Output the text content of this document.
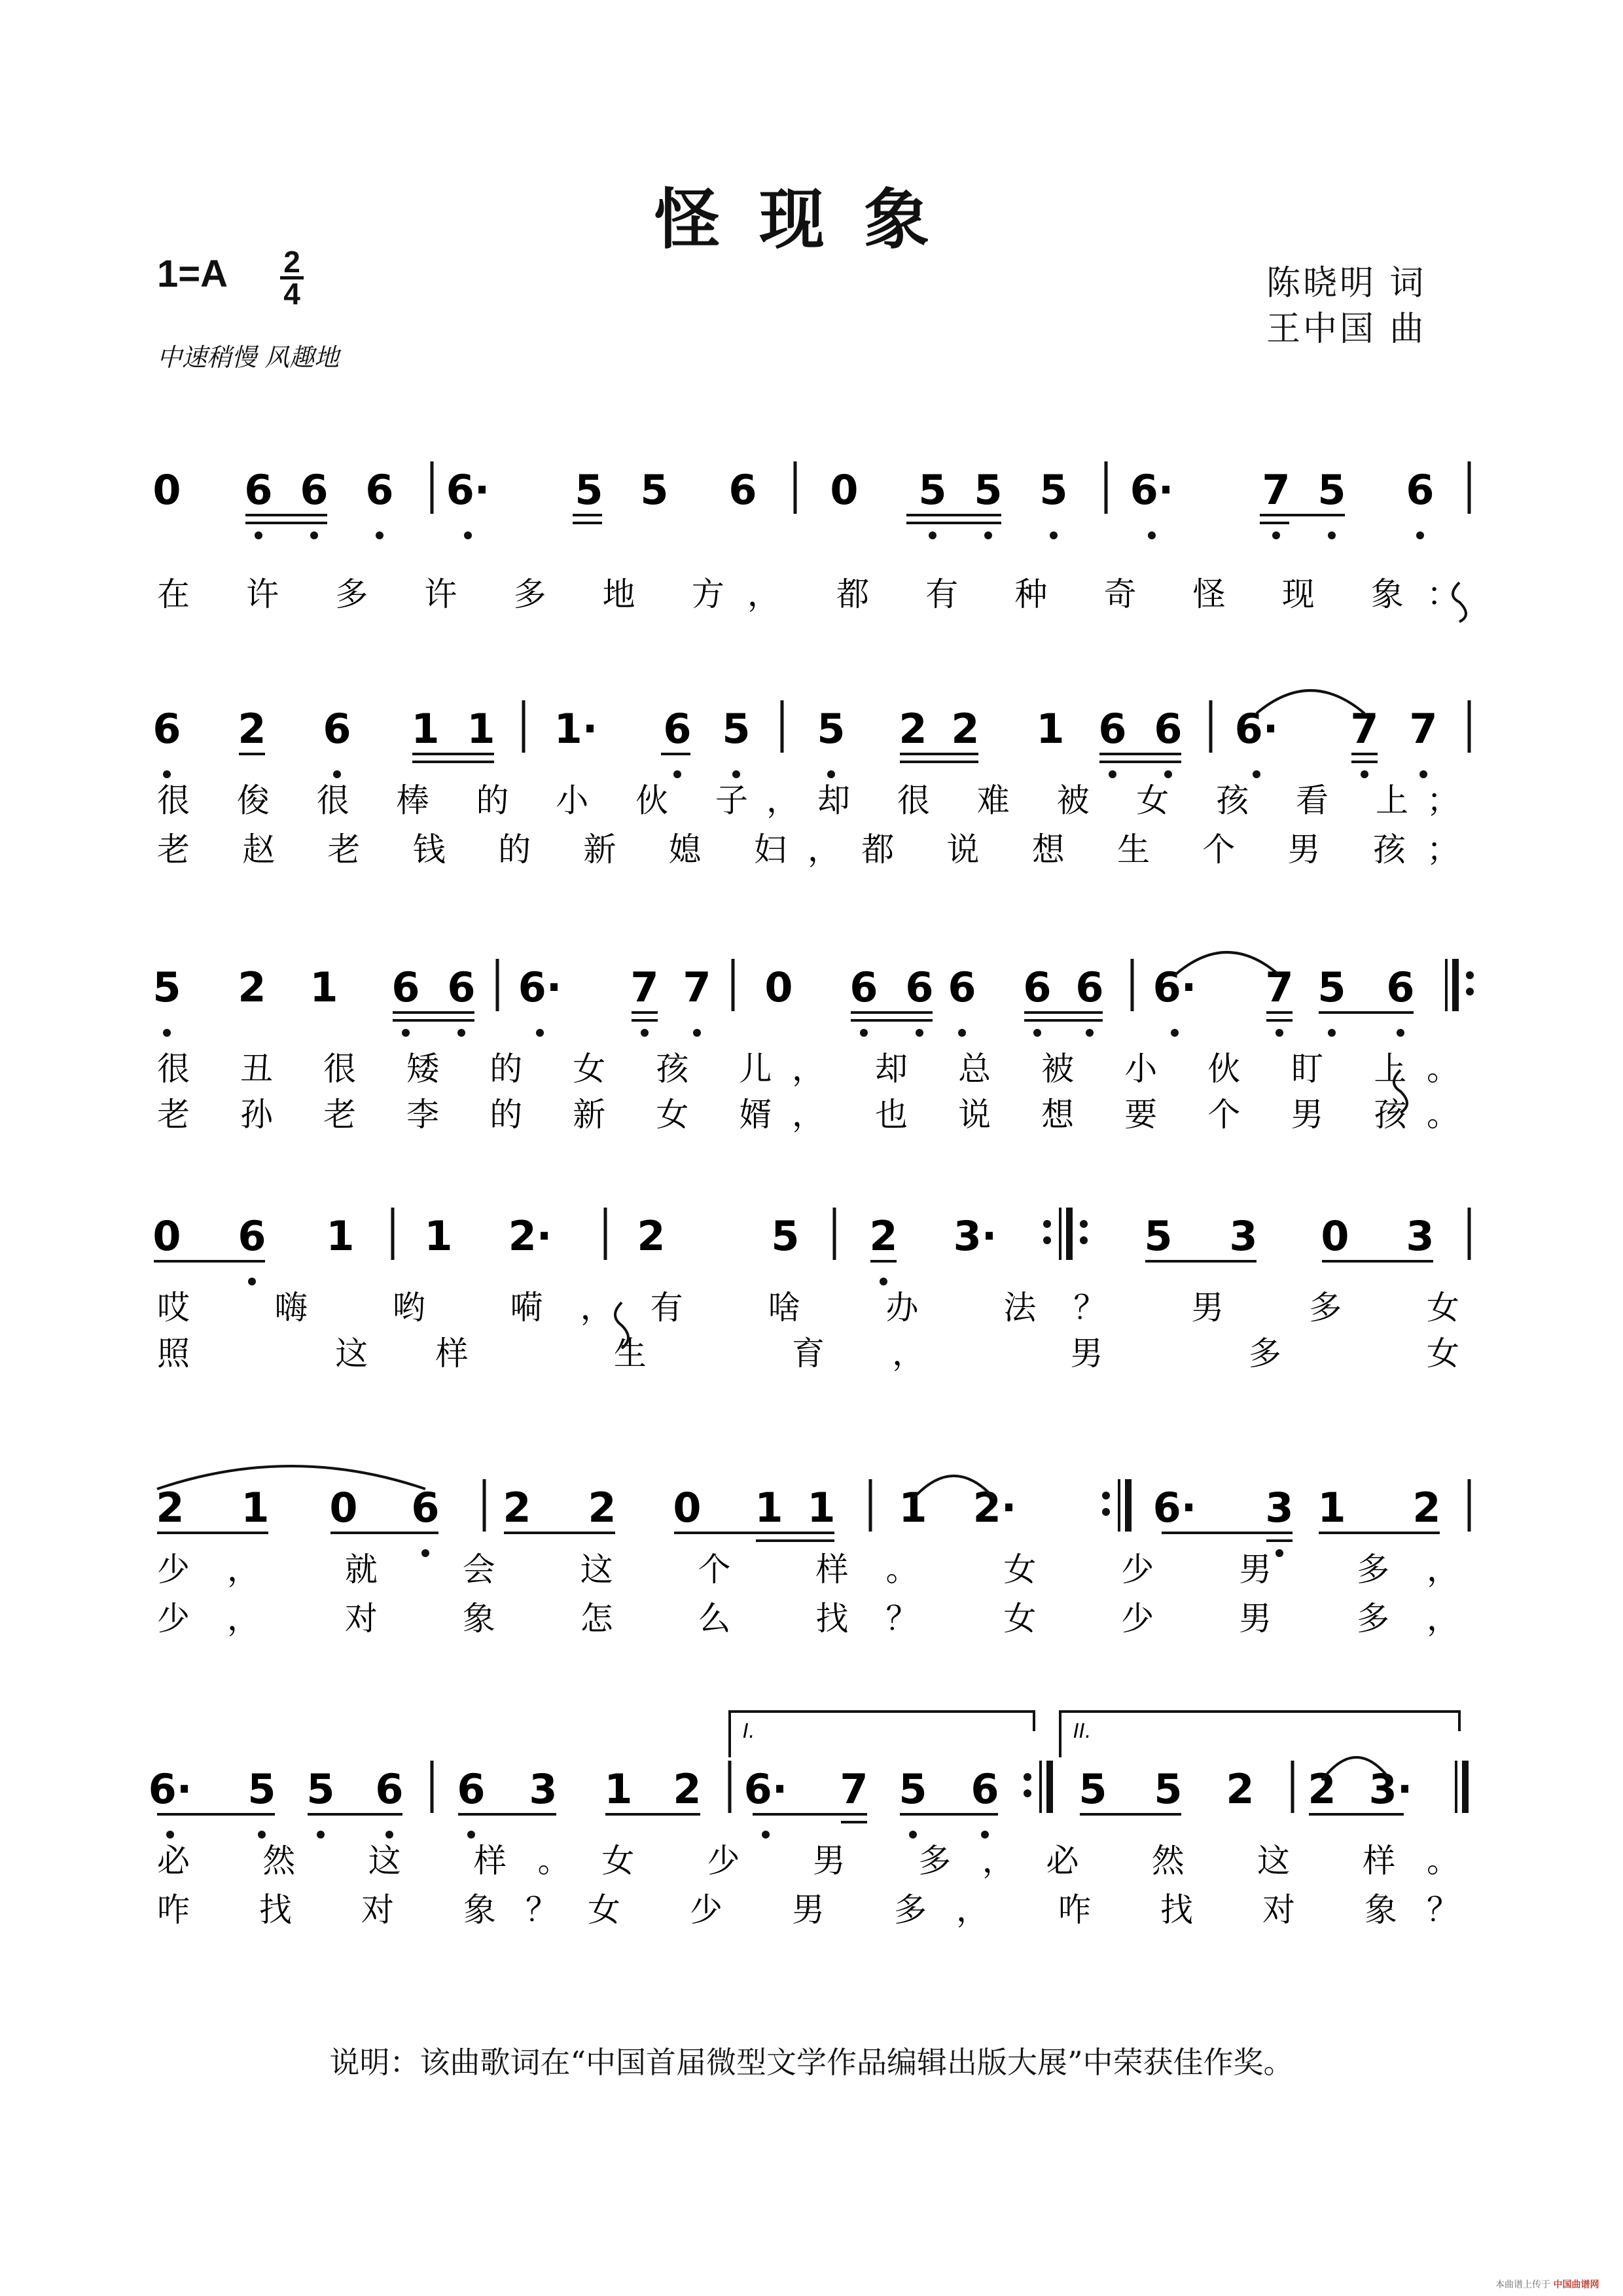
怪现象
1=A 2
4
中速稍慢 风趣地
陈晓明 词
王中国 曲
0 6 6 6 6· 5 5 6 0 5 5 5 6· 7 5 6
在 许 多 许 多 地 方， 都 有 种 奇 怪 现 象：
6 2 6 1 1 1· 6 5 5 2 2 1 6 6 6· 7 7
很 俊 很 棒 的 小 伙 子，却 很 难 被 女 孩 看 上；
老 赵 老 钱 的 新 媳 妇，都 说 想 生 个 男 孩；
5 2 1 6 6 6· 7 7 0 6 6 6 6 6 6· 7 5 6
很 丑 很 矮 的 女 孩 儿， 却 总 被 小 伙 盯 上。
老 孙 老 李 的 新 女 婿， 也 说 想 要 个 男 孩。
0 6 1 1 2· 2	5 2 3·	5 3 0 3
哎 嗨 哟 嗬，有 啥 办 法？ 男 多 女
照 这样 生 育， 男 多 女
2 1 0 6 2 2 0 1 1 1 2·	6· 3 1 2
少， 就 会 这 个 样。 女 少 男 多，
少， 对 象 怎 么 找？ 女 少 男 多，
6· 5 5 6 6 3 1 2 6· 7 5 6 5 5 2 2 3·
必 然 这 样。女 少 男 多，必 然 这 样。
咋 找 对 象？女 少 男 多， 咋 找 对 象？
I.	II.
说明：该曲歌词在“中国首届微型文学作品编辑出版大展”中荣获佳作奖。
本曲谱上传于 中国曲谱网
